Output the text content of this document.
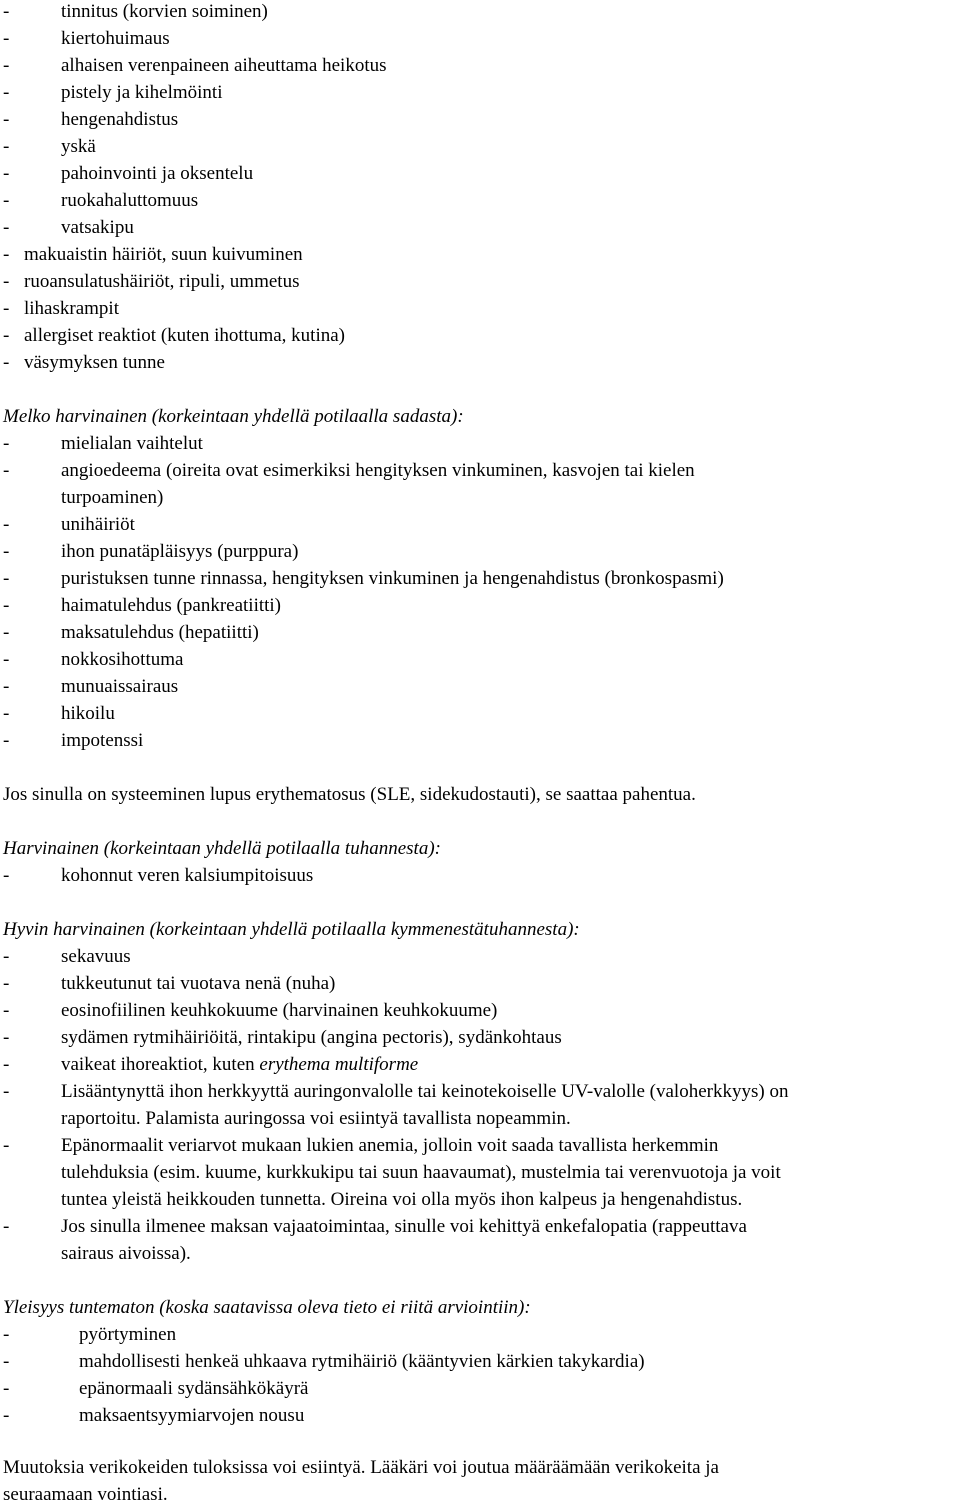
-	tinnitus (korvien soiminen)
-	kiertohuimaus
-	alhaisen verenpaineen aiheuttama heikotus
-	pistely ja kihelmöinti
-	hengenahdistus
-	yskä
-	pahoinvointi ja oksentelu
-	ruokahaluttomuus
-	vatsakipu
- makuaistin häiriöt, suun kuivuminen
- ruoansulatushäiriöt, ripuli, ummetus
- lihaskrampit
- allergiset reaktiot (kuten ihottuma, kutina)
- väsymyksen tunne
Melko harvinainen (korkeintaan yhdellä potilaalla sadasta):
-	mielialan vaihtelut
-	angioedeema (oireita ovat esimerkiksi hengityksen vinkuminen, kasvojen tai kielen
turpoaminen)
-	unihäiriöt
-	ihon punatäpläisyys (purppura)
-	puristuksen tunne rinnassa, hengityksen vinkuminen ja hengenahdistus (bronkospasmi)
-	haimatulehdus (pankreatiitti)
-	maksatulehdus (hepatiitti)
-	nokkosihottuma
-	munuaissairaus
-	hikoilu
-	impotenssi
Jos sinulla on systeeminen lupus erythematosus (SLE, sidekudostauti), se saattaa pahentua.
Harvinainen (korkeintaan yhdellä potilaalla tuhannesta):
-	kohonnut veren kalsiumpitoisuus
Hyvin harvinainen (korkeintaan yhdellä potilaalla kymmenestätuhannesta):
-	sekavuus
-	tukkeutunut tai vuotava nenä (nuha)
-	eosinofiilinen keuhkokuume (harvinainen keuhkokuume)
-	sydämen rytmihäiriöitä, rintakipu (angina pectoris), sydänkohtaus
-	vaikeat ihoreaktiot, kuten erythema multiforme
-	Lisääntynyttä ihon herkkyyttä auringonvalolle tai keinotekoiselle UV-valolle (valoherkkyys) on
raportoitu. Palamista auringossa voi esiintyä tavallista nopeammin.
-	Epänormaalit veriarvot mukaan lukien anemia, jolloin voit saada tavallista herkemmin
tulehduksia (esim. kuume, kurkkukipu tai suun haavaumat), mustelmia tai verenvuotoja ja voit
tuntea yleistä heikkouden tunnetta. Oireina voi olla myös ihon kalpeus ja hengenahdistus.
-	Jos sinulla ilmenee maksan vajaatoimintaa, sinulle voi kehittyä enkefalopatia (rappeuttava
sairaus aivoissa).
Yleisyys tuntematon (koska saatavissa oleva tieto ei riitä arviointiin):
-	pyörtyminen
-	mahdollisesti henkeä uhkaava rytmihäiriö (kääntyvien kärkien takykardia)
-	epänormaali sydänsähkökäyrä
-	maksaentsyymiarvojen nousu
Muutoksia verikokeiden tuloksissa voi esiintyä. Lääkäri voi joutua määräämään verikokeita ja
seuraamaan vointiasi.
